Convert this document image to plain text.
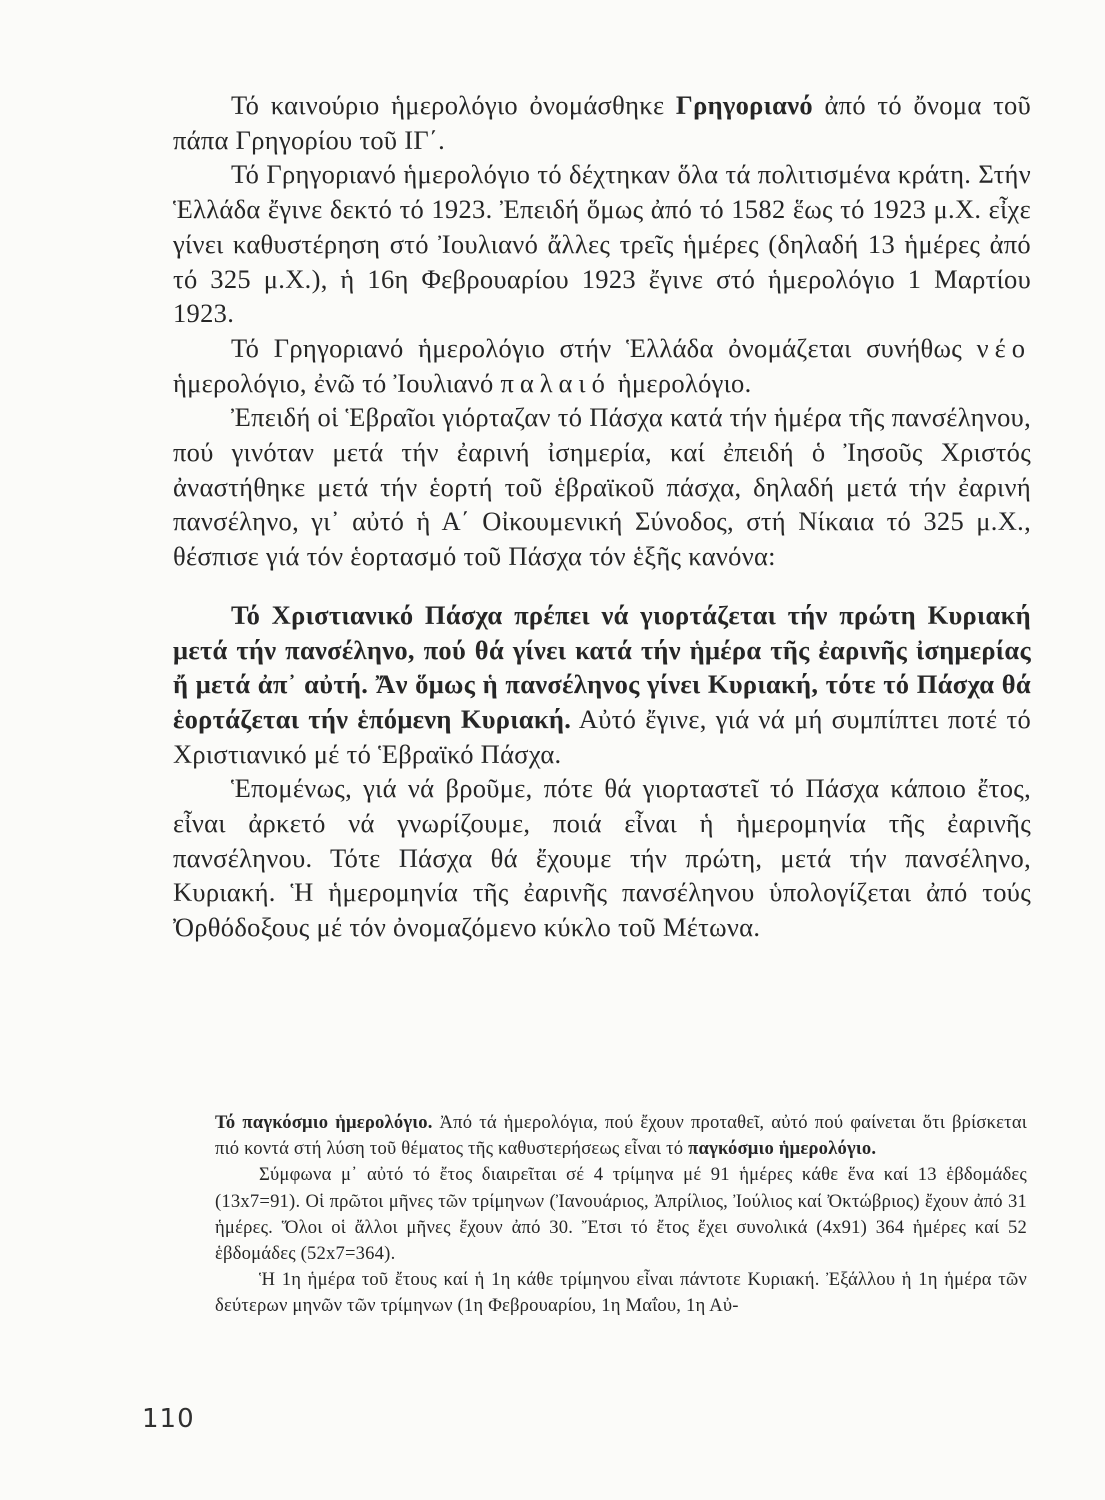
Τό καινούριο ἡμερολόγιο ὀνομάσθηκε Γρηγοριανό ἀπό τό ὄνομα τοῦ πάπα Γρηγορίου τοῦ ΙΓ΄.

Τό Γρηγοριανό ἡμερολόγιο τό δέχτηκαν ὅλα τά πολιτισμένα κράτη. Στήν Ἑλλάδα ἔγινε δεκτό τό 1923. Ἐπειδή ὅμως ἀπό τό 1582 ἕως τό 1923 μ.Χ. εἶχε γίνει καθυστέρηση στό Ἰουλιανό ἄλλες τρεῖς ἡμέρες (δηλαδή 13 ἡμέρες ἀπό τό 325 μ.Χ.), ἡ 16η Φεβρουαρίου 1923 ἔγινε στό ἡμερολόγιο 1 Μαρτίου 1923.

Τό Γρηγοριανό ἡμερολόγιο στήν Ἑλλάδα ὀνομάζεται συνήθως νέο ἡμερολόγιο, ἐνῶ τό Ἰουλιανό παλαιό ἡμερολόγιο.

Ἐπειδή οἱ Ἑβραῖοι γιόρταζαν τό Πάσχα κατά τήν ἡμέρα τῆς πανσέληνου, πού γινόταν μετά τήν ἐαρινή ἰσημερία, καί ἐπειδή ὁ Ἰησοῦς Χριστός ἀναστήθηκε μετά τήν ἑορτή τοῦ ἑβραϊκοῦ πάσχα, δηλαδή μετά τήν ἐαρινή πανσέληνο, γι᾽ αὐτό ἡ Α΄ Οἰκουμενική Σύνοδος, στή Νίκαια τό 325 μ.Χ., θέσπισε γιά τόν ἑορτασμό τοῦ Πάσχα τόν ἑξῆς κανόνα:

Τό Χριστιανικό Πάσχα πρέπει νά γιορτάζεται τήν πρώτη Κυριακή μετά τήν πανσέληνο, πού θά γίνει κατά τήν ἡμέρα τῆς ἐαρινῆς ἰσημερίας ἤ μετά ἀπ᾽ αὐτή. Ἄν ὅμως ἡ πανσέληνος γίνει Κυριακή, τότε τό Πάσχα θά ἑορτάζεται τήν ἑπόμενη Κυριακή. Αὐτό ἔγινε, γιά νά μή συμπίπτει ποτέ τό Χριστιανικό μέ τό Ἑβραϊκό Πάσχα.

Ἑπομένως, γιά νά βροῦμε, πότε θά γιορταστεῖ τό Πάσχα κάποιο ἔτος, εἶναι ἀρκετό νά γνωρίζουμε, ποιά εἶναι ἡ ἡμερομηνία τῆς ἐαρινῆς πανσέληνου. Τότε Πάσχα θά ἔχουμε τήν πρώτη, μετά τήν πανσέληνο, Κυριακή. Ἡ ἡμερομηνία τῆς ἐαρινῆς πανσέληνου ὑπολογίζεται ἀπό τούς Ὀρθόδοξους μέ τόν ὀνομαζόμενο κύκλο τοῦ Μέτωνα.

Τό παγκόσμιο ἡμερολόγιο. Ἀπό τά ἡμερολόγια, πού ἔχουν προταθεῖ, αὐτό πού φαίνεται ὅτι βρίσκεται πιό κοντά στή λύση τοῦ θέματος τῆς καθυστερήσεως εἶναι τό παγκόσμιο ἡμερολόγιο.

Σύμφωνα μ᾽ αὐτό τό ἔτος διαιρεῖται σέ 4 τρίμηνα μέ 91 ἡμέρες κάθε ἕνα καί 13 ἑβδομάδες (13x7=91). Οἱ πρῶτοι μῆνες τῶν τρίμηνων (Ἰανουάριος, Ἀπρίλιος, Ἰούλιος καί Ὀκτώβριος) ἔχουν ἀπό 31 ἡμέρες. Ὅλοι οἱ ἄλλοι μῆνες ἔχουν ἀπό 30. Ἔτσι τό ἔτος ἔχει συνολικά (4x91) 364 ἡμέρες καί 52 ἑβδομάδες (52x7=364).

Ἡ 1η ἡμέρα τοῦ ἔτους καί ἡ 1η κάθε τρίμηνου εἶναι πάντοτε Κυριακή. Ἐξάλλου ἡ 1η ἡμέρα τῶν δεύτερων μηνῶν τῶν τρίμηνων (1η Φεβρουαρίου, 1η Μαΐου, 1η Αὐ-

110
